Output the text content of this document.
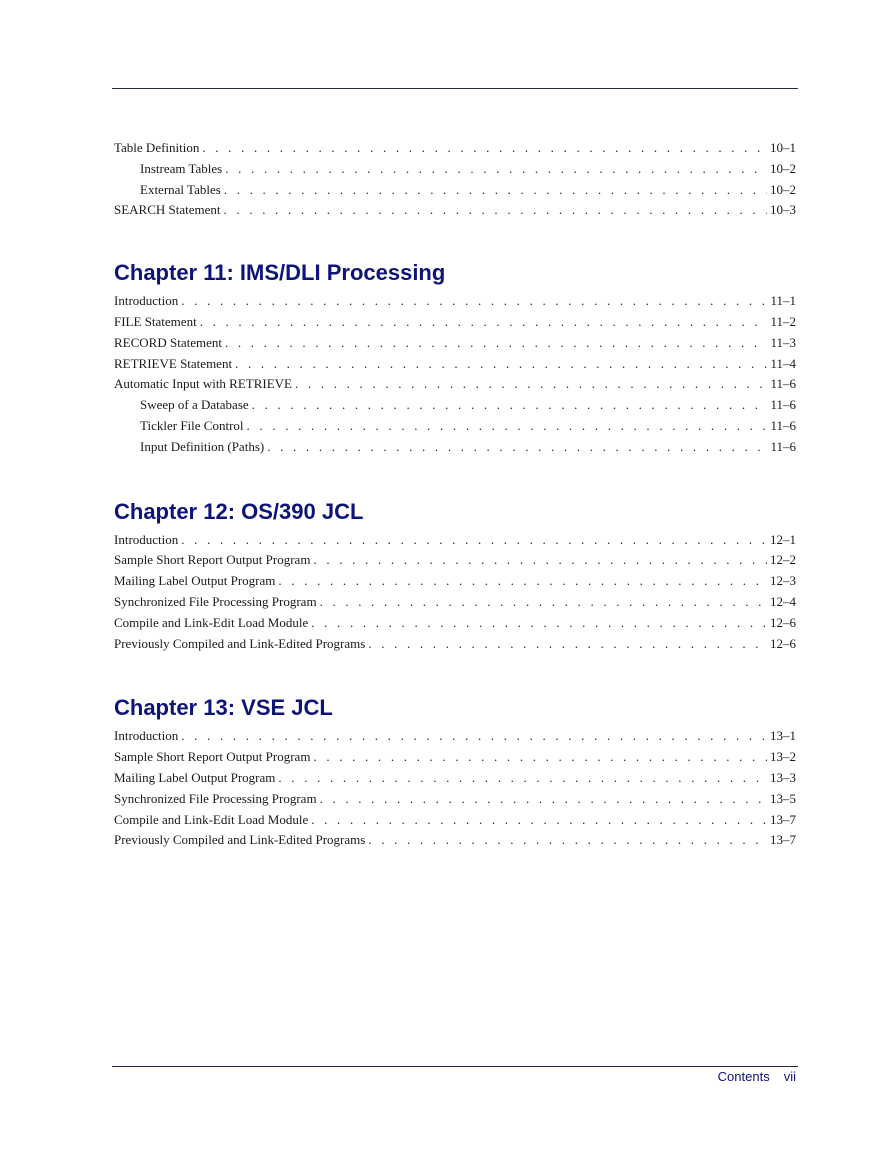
Table Definition . . .	10–1
Instream Tables . . .	10–2
External Tables . . .	10–2
SEARCH Statement . . .	10–3
Chapter 11: IMS/DLI Processing
Introduction . . .	11–1
FILE Statement . . .	11–2
RECORD Statement . . .	11–3
RETRIEVE Statement . . .	11–4
Automatic Input with RETRIEVE . . .	11–6
Sweep of a Database . . .	11–6
Tickler File Control . . .	11–6
Input Definition (Paths) . . .	11–6
Chapter 12: OS/390 JCL
Introduction . . .	12–1
Sample Short Report Output Program . . .	12–2
Mailing Label Output Program . . .	12–3
Synchronized File Processing Program . . .	12–4
Compile and Link-Edit Load Module . . .	12–6
Previously Compiled and Link-Edited Programs . . .	12–6
Chapter 13: VSE JCL
Introduction . . .	13–1
Sample Short Report Output Program . . .	13–2
Mailing Label Output Program . . .	13–3
Synchronized File Processing Program . . .	13–5
Compile and Link-Edit Load Module . . .	13–7
Previously Compiled and Link-Edited Programs . . .	13–7
Contents vii
